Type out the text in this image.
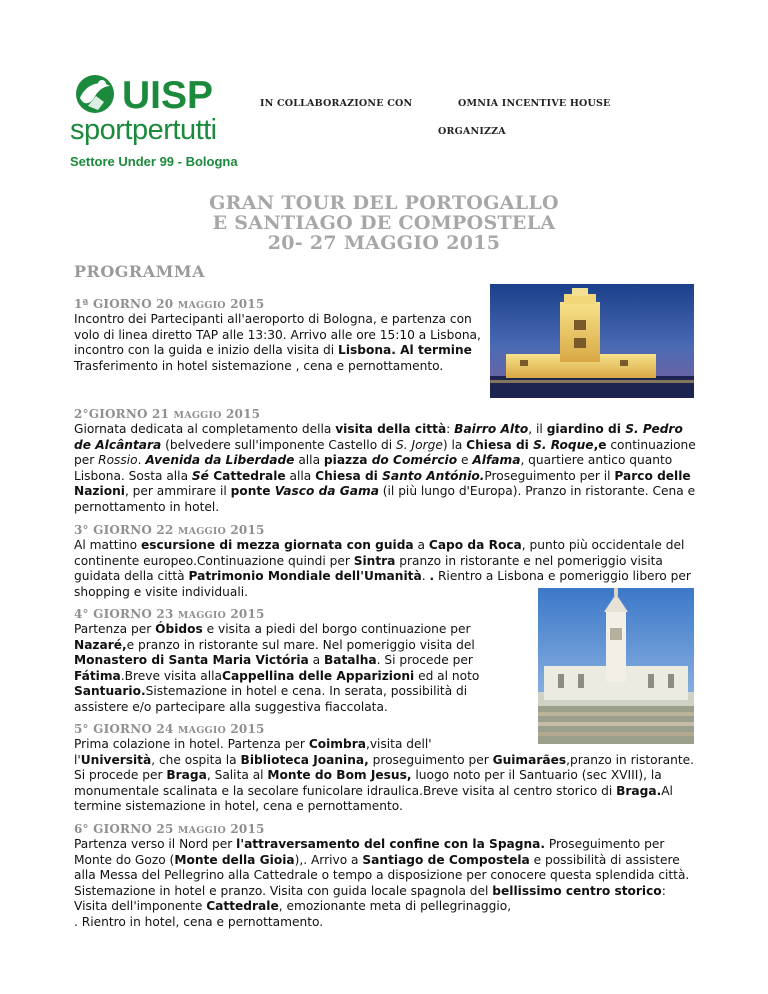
UISP
sportpertutti
Settore Under 99 - Bologna
IN COLLABORAZIONE CON	OMNIA INCENTIVE HOUSE
ORGANIZZA
GRAN TOUR DEL PORTOGALLO
E SANTIAGO DE COMPOSTELA
20- 27 MAGGIO 2015
PROGRAMMA
1ª GIORNO 20 MAGGIO 2015
Incontro dei Partecipanti all'aeroporto di Bologna, e partenza con volo di linea diretto TAP alle 13:30. Arrivo alle ore 15:10 a Lisbona, incontro con la guida e inizio della visita di Lisbona. Al termine Trasferimento in hotel sistemazione , cena e pernottamento.
2°GIORNO 21 MAGGIO 2015
Giornata dedicata al completamento della visita della città: Bairro Alto, il giardino di S. Pedro de Alcântara (belvedere sull'imponente Castello di S. Jorge) la Chiesa di S. Roque,e continuazione per Rossio. Avenida da Liberdade alla piazza do Comércio e Alfama, quartiere antico quanto Lisbona. Sosta alla Sé Cattedrale alla Chiesa di Santo António.Proseguimento per il Parco delle Nazioni, per ammirare il ponte Vasco da Gama (il più lungo d'Europa). Pranzo in ristorante. Cena e pernottamento in hotel.
3° GIORNO 22 MAGGIO 2015
Al mattino escursione di mezza giornata con guida a Capo da Roca, punto più occidentale del continente europeo.Continuazione quindi per Sintra pranzo in ristorante e nel pomeriggio visita guidata della città Patrimonio Mondiale dell'Umanità. . Rientro a Lisbona e pomeriggio libero per shopping e visite individuali.
4° GIORNO 23 MAGGIO 2015
Partenza per Óbidos e visita a piedi del borgo continuazione per Nazaré,e pranzo in ristorante sul mare. Nel pomeriggio visita del Monastero di Santa Maria Victória a Batalha. Si procede per Fátima.Breve visita allaCappellina delle Apparizioni ed al noto Santuario.Sistemazione in hotel e cena. In serata, possibilità di assistere e/o partecipare alla suggestiva fiaccolata.
5° GIORNO 24 MAGGIO 2015
Prima colazione in hotel. Partenza per Coimbra,visita dell'
l'Università, che ospita la Biblioteca Joanina, proseguimento per Guimarães,pranzo in ristorante. Si procede per Braga, Salita al Monte do Bom Jesus, luogo noto per il Santuario (sec XVIII), la monumentale scalinata e la secolare funicolare idraulica.Breve visita al centro storico di Braga.Al termine sistemazione in hotel, cena e pernottamento.
6° GIORNO 25 MAGGIO 2015
Partenza verso il Nord per l'attraversamento del confine con la Spagna. Proseguimento per Monte do Gozo (Monte della Gioia),. Arrivo a Santiago de Compostela e possibilità di assistere alla Messa del Pellegrino alla Cattedrale o tempo a disposizione per conocere questa splendida città. Sistemazione in hotel e pranzo. Visita con guida locale spagnola del bellissimo centro storico: Visita dell'imponente Cattedrale, emozionante meta di pellegrinaggio,
. Rientro in hotel, cena e pernottamento.
